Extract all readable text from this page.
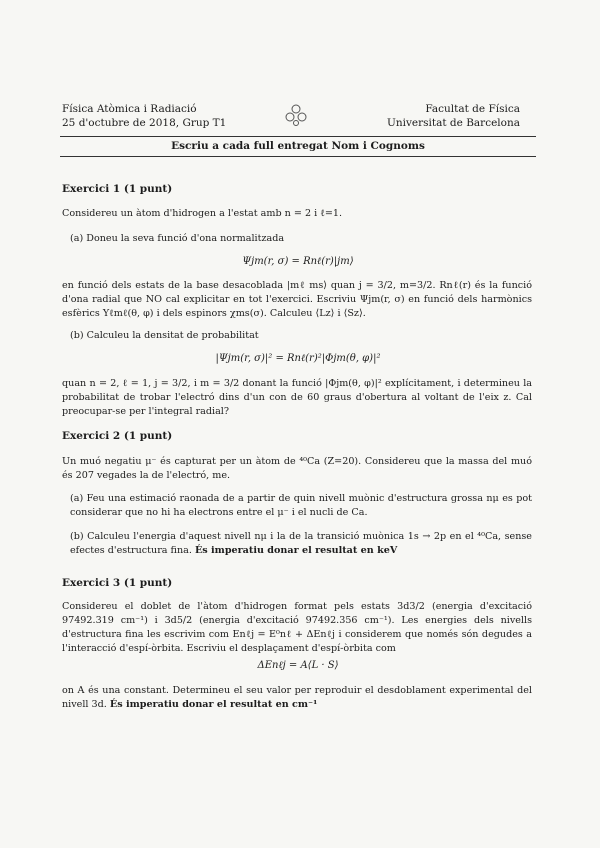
Física Atòmica i Radiació
25 d'octubre de 2018, Grup T1
Facultat de Física
Universitat de Barcelona
Escriu a cada full entregat Nom i Cognoms
Exercici 1 (1 punt)
Considereu un àtom d'hidrogen a l'estat amb n = 2 i ℓ=1.
(a) Doneu la seva funció d'ona normalitzada
Ψjm(r, σ) = Rnℓ(r)|jm⟩
en funció dels estats de la base desacoblada |mℓ ms⟩ quan j = 3/2, m=3/2. Rnℓ(r) és la funció d'ona radial que NO cal explicitar en tot l'exercici. Escriviu Ψjm(r, σ) en funció dels harmònics esfèrics Yℓmℓ(θ, φ) i dels espinors χms(σ). Calculeu ⟨Lz⟩ i ⟨Sz⟩.
(b) Calculeu la densitat de probabilitat
|Ψjm(r, σ)|² = Rnℓ(r)²|Φjm(θ, φ)|²
quan n = 2, ℓ = 1, j = 3/2, i m = 3/2 donant la funció |Φjm(θ, φ)|² explícitament, i determineu la probabilitat de trobar l'electró dins d'un con de 60 graus d'obertura al voltant de l'eix z. Cal preocupar-se per l'integral radial?
Exercici 2 (1 punt)
Un muó negatiu μ⁻ és capturat per un àtom de ⁴⁰Ca (Z=20). Considereu que la massa del muó és 207 vegades la de l'electró, me.
(a) Feu una estimació raonada de a partir de quin nivell muònic d'estructura grossa nμ es pot considerar que no hi ha electrons entre el μ⁻ i el nucli de Ca.
(b) Calculeu l'energia d'aquest nivell nμ i la de la transició muònica 1s → 2p en el ⁴⁰Ca, sense efectes d'estructura fina. És imperatiu donar el resultat en keV
Exercici 3 (1 punt)
Considereu el doblet de l'àtom d'hidrogen format pels estats 3d3/2 (energia d'excitació 97492.319 cm⁻¹) i 3d5/2 (energia d'excitació 97492.356 cm⁻¹). Les energies dels nivells d'estructura fina les escrivim com Enℓj = E⁰nℓ + ΔEnℓj i considerem que només són degudes a l'interacció d'espí-òrbita. Escriviu el desplaçament d'espí-òrbita com
ΔEnℓj = A⟨L · S⟩
on A és una constant. Determineu el seu valor per reproduir el desdoblament experimental del nivell 3d. És imperatiu donar el resultat en cm⁻¹
